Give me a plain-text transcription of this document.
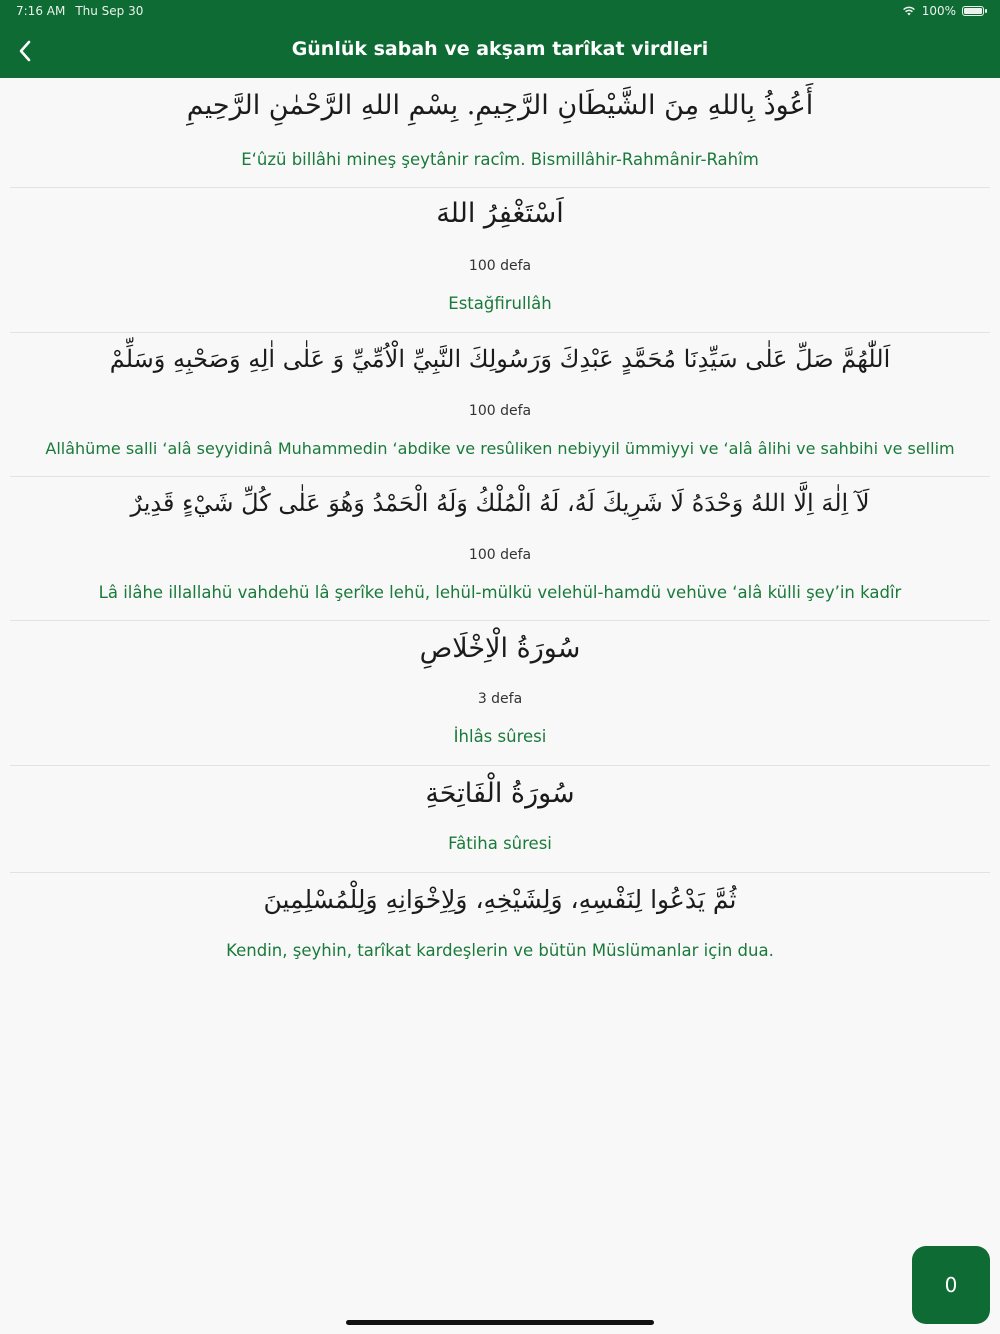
7:16 AM Thu Sep 30	100%
Günlük sabah ve akşam tarîkat virdleri
أَعُوذُ بِاللهِ مِنَ الشَّيْطَانِ الرَّجِيمِ. بِسْمِ اللهِ الرَّحْمٰنِ الرَّحِيمِ
E‘ûzü billâhi mineş şeytânir racîm. Bismillâhir-Rahmânir-Rahîm
اَسْتَغْفِرُ اللهَ
100 defa
Estağfirullâh
اَللّٰهُمَّ صَلِّ عَلٰى سَيِّدِنَا مُحَمَّدٍ عَبْدِكَ وَرَسُولِكَ النَّبِيِّ الْاُمِّيِّ وَ عَلٰى اٰلِهِ وَصَحْبِهِ وَسَلِّمْ
100 defa
Allâhüme salli ‘alâ seyyidinâ Muhammedin ‘abdike ve resûliken nebiyyil ümmiyyi ve ‘alâ âlihi ve sahbihi ve sellim
لَآ اِلٰهَ اِلَّا اللهُ وَحْدَهُ لَا شَرِيكَ لَهُ، لَهُ الْمُلْكُ وَلَهُ الْحَمْدُ وَهُوَ عَلٰى كُلِّ شَيْءٍ قَدِيرٌ
100 defa
Lâ ilâhe illallahü vahdehü lâ şerîke lehü, lehül-mülkü velehül-hamdü vehüve ‘alâ külli şey’in kadîr
سُورَةُ الْاِخْلَاصِ
3 defa
İhlâs sûresi
سُورَةُ الْفَاتِحَةِ
Fâtiha sûresi
ثُمَّ يَدْعُوا لِنَفْسِهِ، وَلِشَيْخِهِ، وَلِاِخْوَانِهِ وَلِلْمُسْلِمِينَ
Kendin, şeyhin, tarîkat kardeşlerin ve bütün Müslümanlar için dua.
0
